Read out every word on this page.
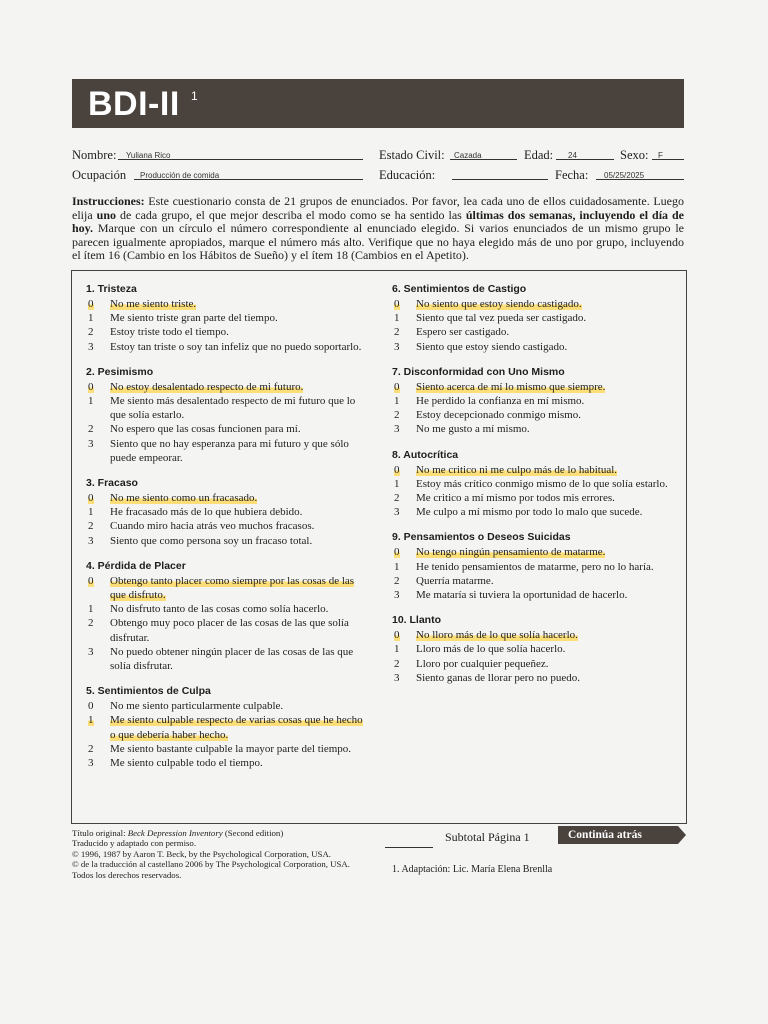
BDI-II 1
Nombre: Yuliana Rico	Estado Civil: Cazada	Edad: 24	Sexo: F
Ocupación Producción de comida	Educación:	Fecha: 05/25/2025
Instrucciones: Este cuestionario consta de 21 grupos de enunciados. Por favor, lea cada uno de ellos cuidadosamente. Luego elija uno de cada grupo, el que mejor describa el modo como se ha sentido las últimas dos semanas, incluyendo el día de hoy. Marque con un círculo el número correspondiente al enunciado elegido. Si varios enunciados de un mismo grupo le parecen igualmente apropiados, marque el número más alto. Verifique que no haya elegido más de uno por grupo, incluyendo el ítem 16 (Cambio en los Hábitos de Sueño) y el ítem 18 (Cambios en el Apetito).
1. Tristeza
0	No me siento triste.
1	Me siento triste gran parte del tiempo.
2	Estoy triste todo el tiempo.
3	Estoy tan triste o soy tan infeliz que no puedo soportarlo.
2. Pesimismo
0	No estoy desalentado respecto de mi futuro.
1	Me siento más desalentado respecto de mi futuro que lo que solía estarlo.
2	No espero que las cosas funcionen para mí.
3	Siento que no hay esperanza para mi futuro y que sólo puede empeorar.
3. Fracaso
0	No me siento como un fracasado.
1	He fracasado más de lo que hubiera debido.
2	Cuando miro hacia atrás veo muchos fracasos.
3	Siento que como persona soy un fracaso total.
4. Pérdida de Placer
0	Obtengo tanto placer como siempre por las cosas de las que disfruto.
1	No disfruto tanto de las cosas como solía hacerlo.
2	Obtengo muy poco placer de las cosas de las que solía disfrutar.
3	No puedo obtener ningún placer de las cosas de las que solía disfrutar.
5. Sentimientos de Culpa
0	No me siento particularmente culpable.
1	Me siento culpable respecto de varias cosas que he hecho o que debería haber hecho.
2	Me siento bastante culpable la mayor parte del tiempo.
3	Me siento culpable todo el tiempo.
6. Sentimientos de Castigo
0	No siento que estoy siendo castigado.
1	Siento que tal vez pueda ser castigado.
2	Espero ser castigado.
3	Siento que estoy siendo castigado.
7. Disconformidad con Uno Mismo
0	Siento acerca de mí lo mismo que siempre.
1	He perdido la confianza en mí mismo.
2	Estoy decepcionado conmigo mismo.
3	No me gusto a mí mismo.
8. Autocrítica
0	No me critico ni me culpo más de lo habitual.
1	Estoy más crítico conmigo mismo de lo que solía estarlo.
2	Me critico a mí mismo por todos mis errores.
3	Me culpo a mí mismo por todo lo malo que sucede.
9. Pensamientos o Deseos Suicidas
0	No tengo ningún pensamiento de matarme.
1	He tenido pensamientos de matarme, pero no lo haría.
2	Querría matarme.
3	Me mataría si tuviera la oportunidad de hacerlo.
10. Llanto
0	No lloro más de lo que solía hacerlo.
1	Lloro más de lo que solía hacerlo.
2	Lloro por cualquier pequeñez.
3	Siento ganas de llorar pero no puedo.
Título original: Beck Depression Inventory (Second edition)
Traducido y adaptado con permiso.
© 1996, 1987 by Aaron T. Beck, by the Psychological Corporation, USA.
© de la traducción al castellano 2006 by The Psychological Corporation, USA.
Todos los derechos reservados.
Subtotal Página 1	Continúa atrás
1. Adaptación: Lic. María Elena Brenlla
